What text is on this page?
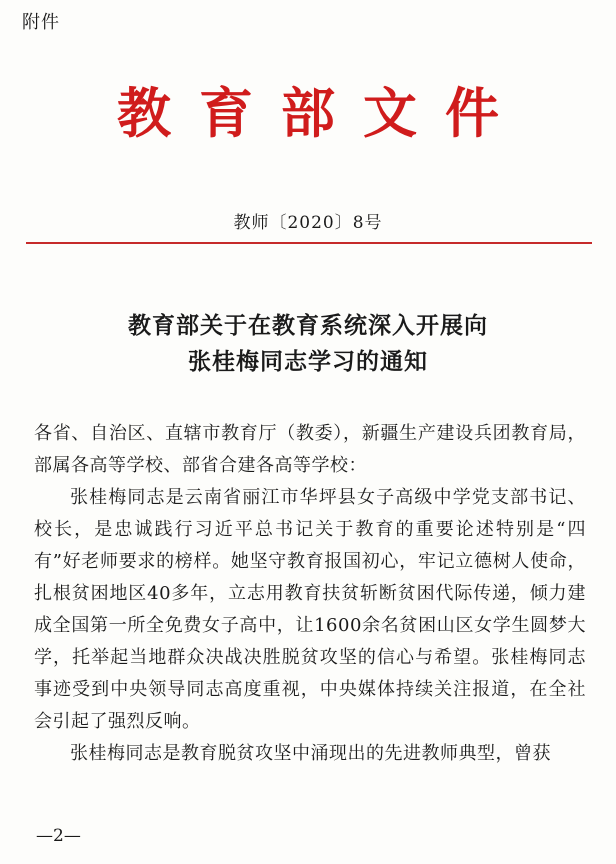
附件
教育部文件
教师〔2020〕8号
教育部关于在教育系统深入开展向
张桂梅同志学习的通知

各省、自治区、直辖市教育厅（教委），新疆生产建设兵团教育局，部属各高等学校、部省合建各高等学校：

张桂梅同志是云南省丽江市华坪县女子高级中学党支部书记、校长，是忠诚践行习近平总书记关于教育的重要论述特别是“四有”好老师要求的榜样。她坚守教育报国初心，牢记立德树人使命，扎根贫困地区40多年，立志用教育扶贫斩断贫困代际传递，倾力建成全国第一所全免费女子高中，让1600余名贫困山区女学生圆梦大学，托举起当地群众决战决胜脱贫攻坚的信心与希望。张桂梅同志事迹受到中央领导同志高度重视，中央媒体持续关注报道，在全社会引起了强烈反响。

张桂梅同志是教育脱贫攻坚中涌现出的先进教师典型，曾获

—2—
